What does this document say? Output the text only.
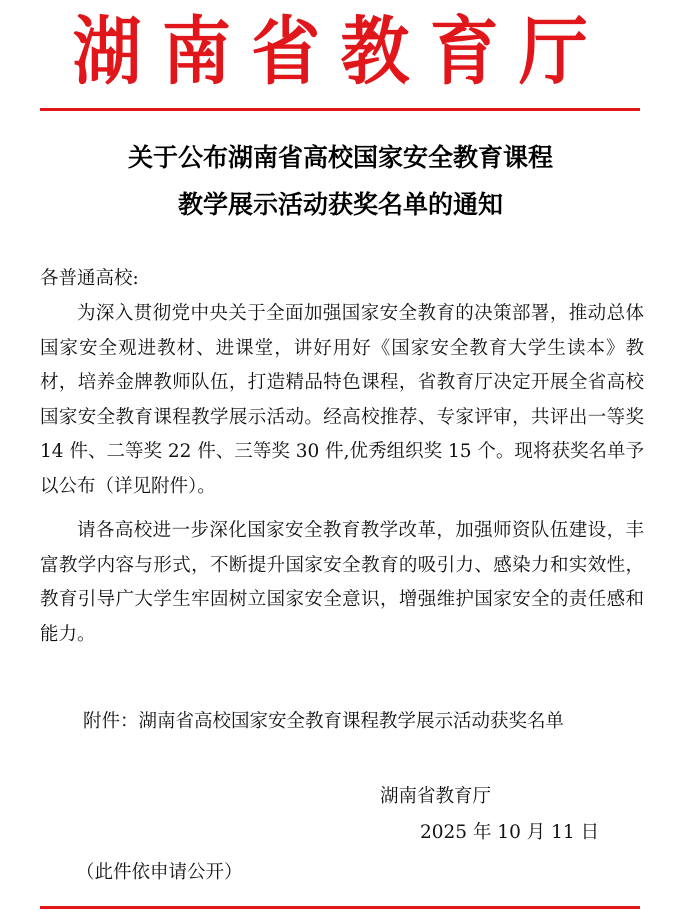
湖南省教育厅
关于公布湖南省高校国家安全教育课程
教学展示活动获奖名单的通知
各普通高校:
为深入贯彻党中央关于全面加强国家安全教育的决策部署，推动总体国家安全观进教材、进课堂，讲好用好《国家安全教育大学生读本》教材，培养金牌教师队伍，打造精品特色课程，省教育厅决定开展全省高校国家安全教育课程教学展示活动。经高校推荐、专家评审，共评出一等奖 14 件、二等奖 22 件、三等奖 30 件,优秀组织奖 15 个。现将获奖名单予以公布（详见附件）。
请各高校进一步深化国家安全教育教学改革，加强师资队伍建设，丰富教学内容与形式，不断提升国家安全教育的吸引力、感染力和实效性，教育引导广大学生牢固树立国家安全意识，增强维护国家安全的责任感和能力。
附件：湖南省高校国家安全教育课程教学展示活动获奖名单
湖南省教育厅
2025 年 10 月 11 日
（此件依申请公开）
